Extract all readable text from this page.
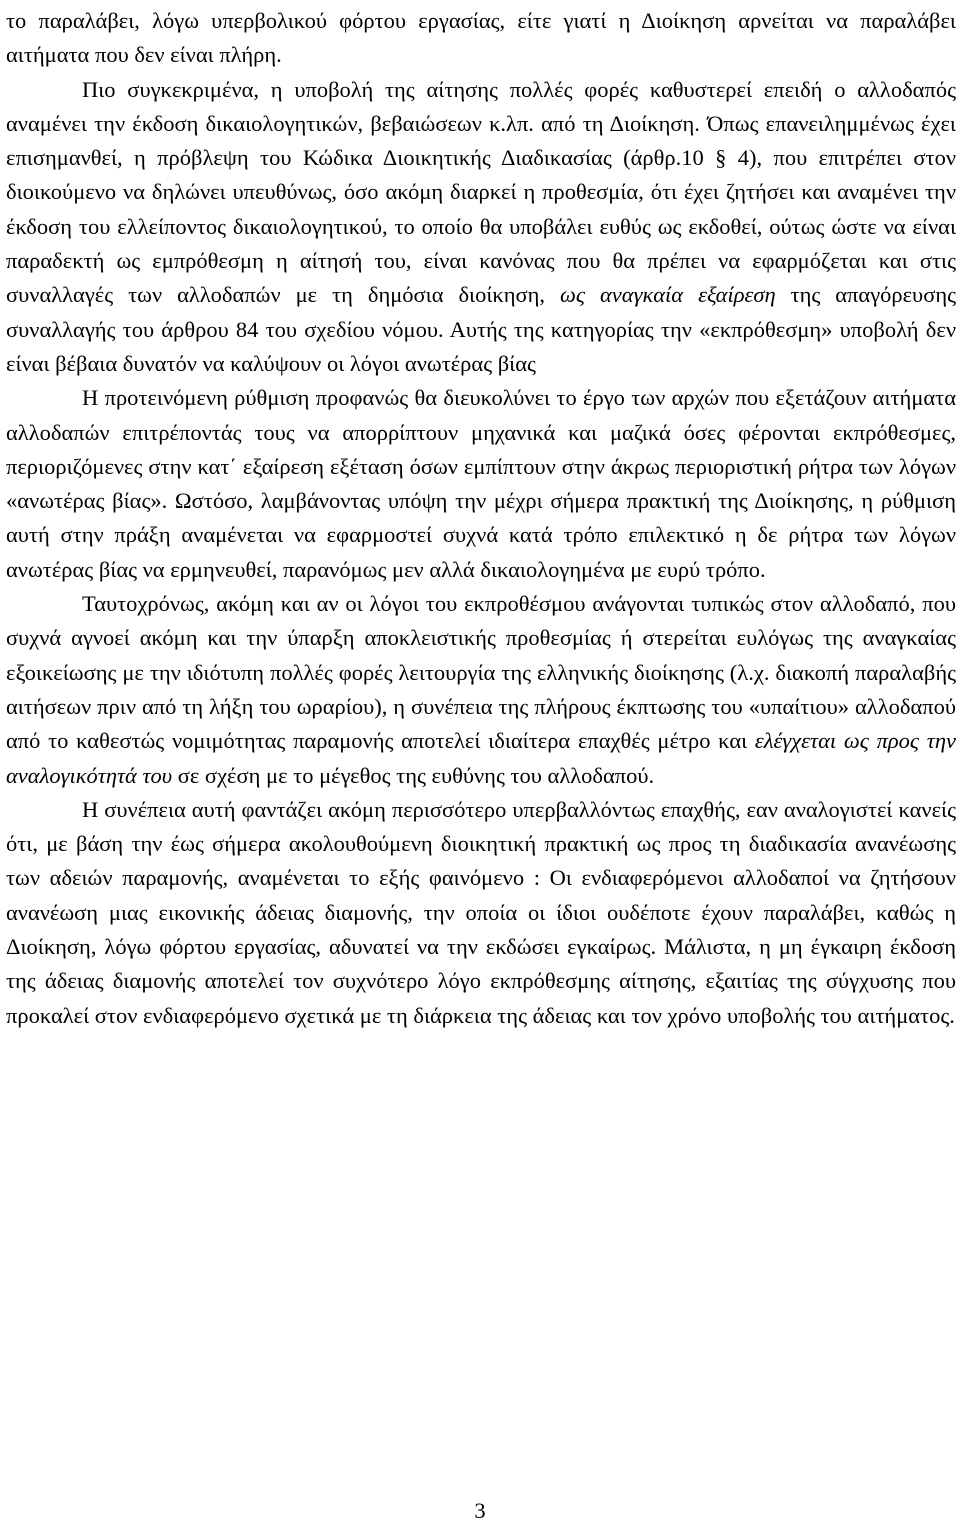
το παραλάβει, λόγω υπερβολικού φόρτου εργασίας, είτε γιατί η Διοίκηση αρνείται να παραλάβει αιτήματα που δεν είναι πλήρη.

Πιο συγκεκριμένα, η υποβολή της αίτησης πολλές φορές καθυστερεί επειδή ο αλλοδαπός αναμένει την έκδοση δικαιολογητικών, βεβαιώσεων κ.λπ. από τη Διοίκηση. Όπως επανειλημμένως έχει επισημανθεί, η πρόβλεψη του Κώδικα Διοικητικής Διαδικασίας (άρθρ.10 § 4), που επιτρέπει στον διοικούμενο να δηλώνει υπευθύνως, όσο ακόμη διαρκεί η προθεσμία, ότι έχει ζητήσει και αναμένει την έκδοση του ελλείποντος δικαιολογητικού, το οποίο θα υποβάλει ευθύς ως εκδοθεί, ούτως ώστε να είναι παραδεκτή ως εμπρόθεσμη η αίτησή του, είναι κανόνας που θα πρέπει να εφαρμόζεται και στις συναλλαγές των αλλοδαπών με τη δημόσια διοίκηση, ως αναγκαία εξαίρεση της απαγόρευσης συναλλαγής του άρθρου 84 του σχεδίου νόμου. Αυτής της κατηγορίας την «εκπρόθεσμη» υποβολή δεν είναι βέβαια δυνατόν να καλύψουν οι λόγοι ανωτέρας βίας

Η προτεινόμενη ρύθμιση προφανώς θα διευκολύνει το έργο των αρχών που εξετάζουν αιτήματα αλλοδαπών επιτρέποντάς τους να απορρίπτουν μηχανικά και μαζικά όσες φέρονται εκπρόθεσμες, περιοριζόμενες στην κατ΄ εξαίρεση εξέταση όσων εμπίπτουν στην άκρως περιοριστική ρήτρα των λόγων «ανωτέρας βίας». Ωστόσο, λαμβάνοντας υπόψη την μέχρι σήμερα πρακτική της Διοίκησης, η ρύθμιση αυτή στην πράξη αναμένεται να εφαρμοστεί συχνά κατά τρόπο επιλεκτικό η δε ρήτρα των λόγων ανωτέρας βίας να ερμηνευθεί, παρανόμως μεν αλλά δικαιολογημένα με ευρύ τρόπο.

Ταυτοχρόνως, ακόμη και αν οι λόγοι του εκπροθέσμου ανάγονται τυπικώς στον αλλοδαπό, που συχνά αγνοεί ακόμη και την ύπαρξη αποκλειστικής προθεσμίας ή στερείται ευλόγως της αναγκαίας εξοικείωσης με την ιδιότυπη πολλές φορές λειτουργία της ελληνικής διοίκησης (λ.χ. διακοπή παραλαβής αιτήσεων πριν από τη λήξη του ωραρίου), η συνέπεια της πλήρους έκπτωσης του «υπαίτιου» αλλοδαπού από το καθεστώς νομιμότητας παραμονής αποτελεί ιδιαίτερα επαχθές μέτρο και ελέγχεται ως προς την αναλογικότητά του σε σχέση με το μέγεθος της ευθύνης του αλλοδαπού.

Η συνέπεια αυτή φαντάζει ακόμη περισσότερο υπερβαλλόντως επαχθής, εαν αναλογιστεί κανείς ότι, με βάση την έως σήμερα ακολουθούμενη διοικητική πρακτική ως προς τη διαδικασία ανανέωσης των αδειών παραμονής, αναμένεται το εξής φαινόμενο : Οι ενδιαφερόμενοι αλλοδαποί να ζητήσουν ανανέωση μιας εικονικής άδειας διαμονής, την οποία οι ίδιοι ουδέποτε έχουν παραλάβει, καθώς η Διοίκηση, λόγω φόρτου εργασίας, αδυνατεί να την εκδώσει εγκαίρως. Μάλιστα, η μη έγκαιρη έκδοση της άδειας διαμονής αποτελεί τον συχνότερο λόγο εκπρόθεσμης αίτησης, εξαιτίας της σύγχυσης που προκαλεί στον ενδιαφερόμενο σχετικά με τη διάρκεια της άδειας και τον χρόνο υποβολής του αιτήματος.

3
